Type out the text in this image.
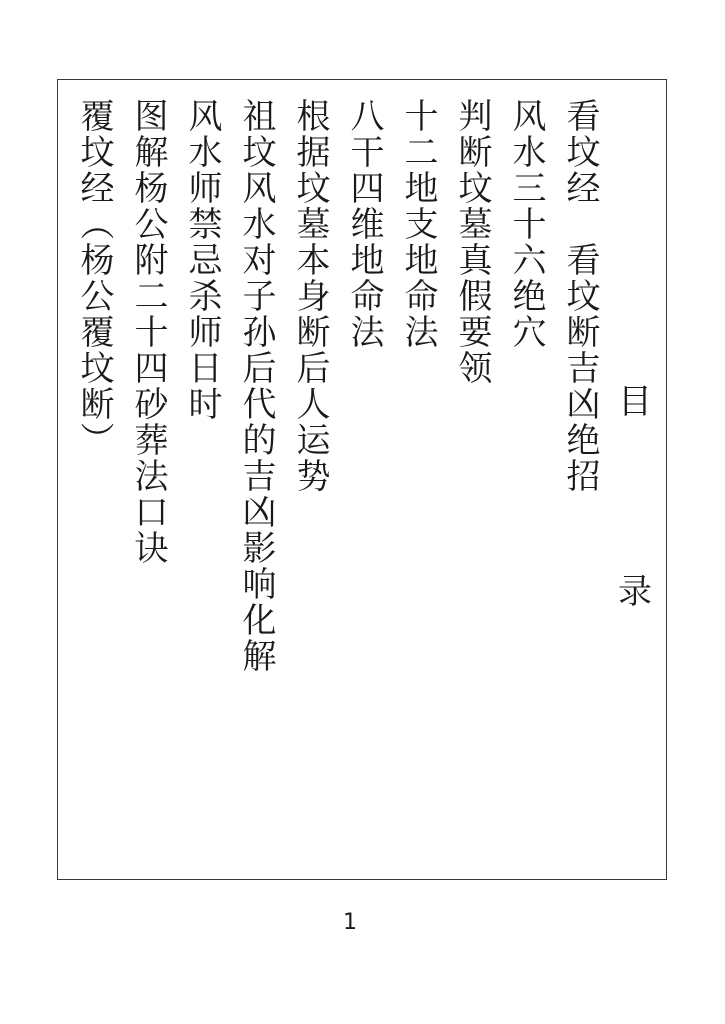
目
录
看坟经　看坟断吉凶绝招
风水三十六绝穴
判断坟墓真假要领
十二地支地命法
八干四维地命法
根据坟墓本身断后人运势
祖坟风水对子孙后代的吉凶影响化解
风水师禁忌杀师日时
图解杨公附二十四砂葬法口诀
覆坟经（杨公覆坟断）
1
